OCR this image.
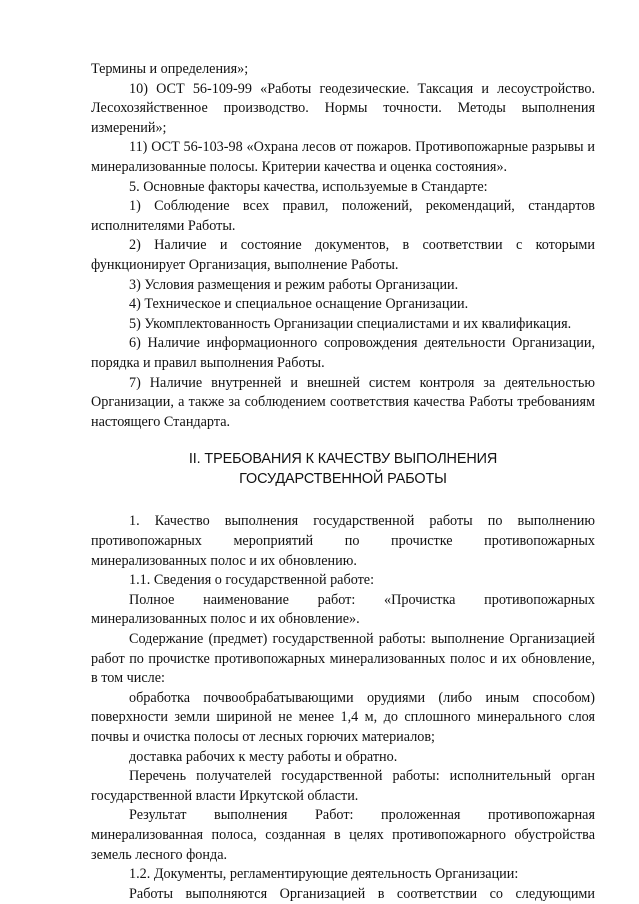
Термины и определения»;

10) ОСТ 56-109-99 «Работы геодезические. Таксация и лесоустройство. Лесохозяйственное производство. Нормы точности. Методы выполнения измерений»;

11) ОСТ 56-103-98 «Охрана лесов от пожаров. Противопожарные разрывы и минерализованные полосы. Критерии качества и оценка состояния».

5. Основные факторы качества, используемые в Стандарте:

1) Соблюдение всех правил, положений, рекомендаций, стандартов исполнителями Работы.

2) Наличие и состояние документов, в соответствии с которыми функционирует Организация, выполнение Работы.

3) Условия размещения и режим работы Организации.

4) Техническое и специальное оснащение Организации.

5) Укомплектованность Организации специалистами и их квалификация.

6) Наличие информационного сопровождения деятельности Организации, порядка и правил выполнения Работы.

7) Наличие внутренней и внешней систем контроля за деятельностью Организации, а также за соблюдением соответствия качества Работы требованиям настоящего Стандарта.

II. ТРЕБОВАНИЯ К КАЧЕСТВУ ВЫПОЛНЕНИЯ
ГОСУДАРСТВЕННОЙ РАБОТЫ

1. Качество выполнения государственной работы по выполнению противопожарных мероприятий по прочистке противопожарных минерализованных полос и их обновлению.

1.1. Сведения о государственной работе:

Полное наименование работ: «Прочистка противопожарных минерализованных полос и их обновление».

Содержание (предмет) государственной работы: выполнение Организацией работ по прочистке противопожарных минерализованных полос и их обновление, в том числе:

обработка почвообрабатывающими орудиями (либо иным способом) поверхности земли шириной не менее 1,4 м, до сплошного минерального слоя почвы и очистка полосы от лесных горючих материалов;

доставка рабочих к месту работы и обратно.

Перечень получателей государственной работы: исполнительный орган государственной власти Иркутской области.

Результат выполнения Работ: проложенная противопожарная минерализованная полоса, созданная в целях противопожарного обустройства земель лесного фонда.

1.2. Документы, регламентирующие деятельность Организации:

Работы выполняются Организацией в соответствии со следующими
